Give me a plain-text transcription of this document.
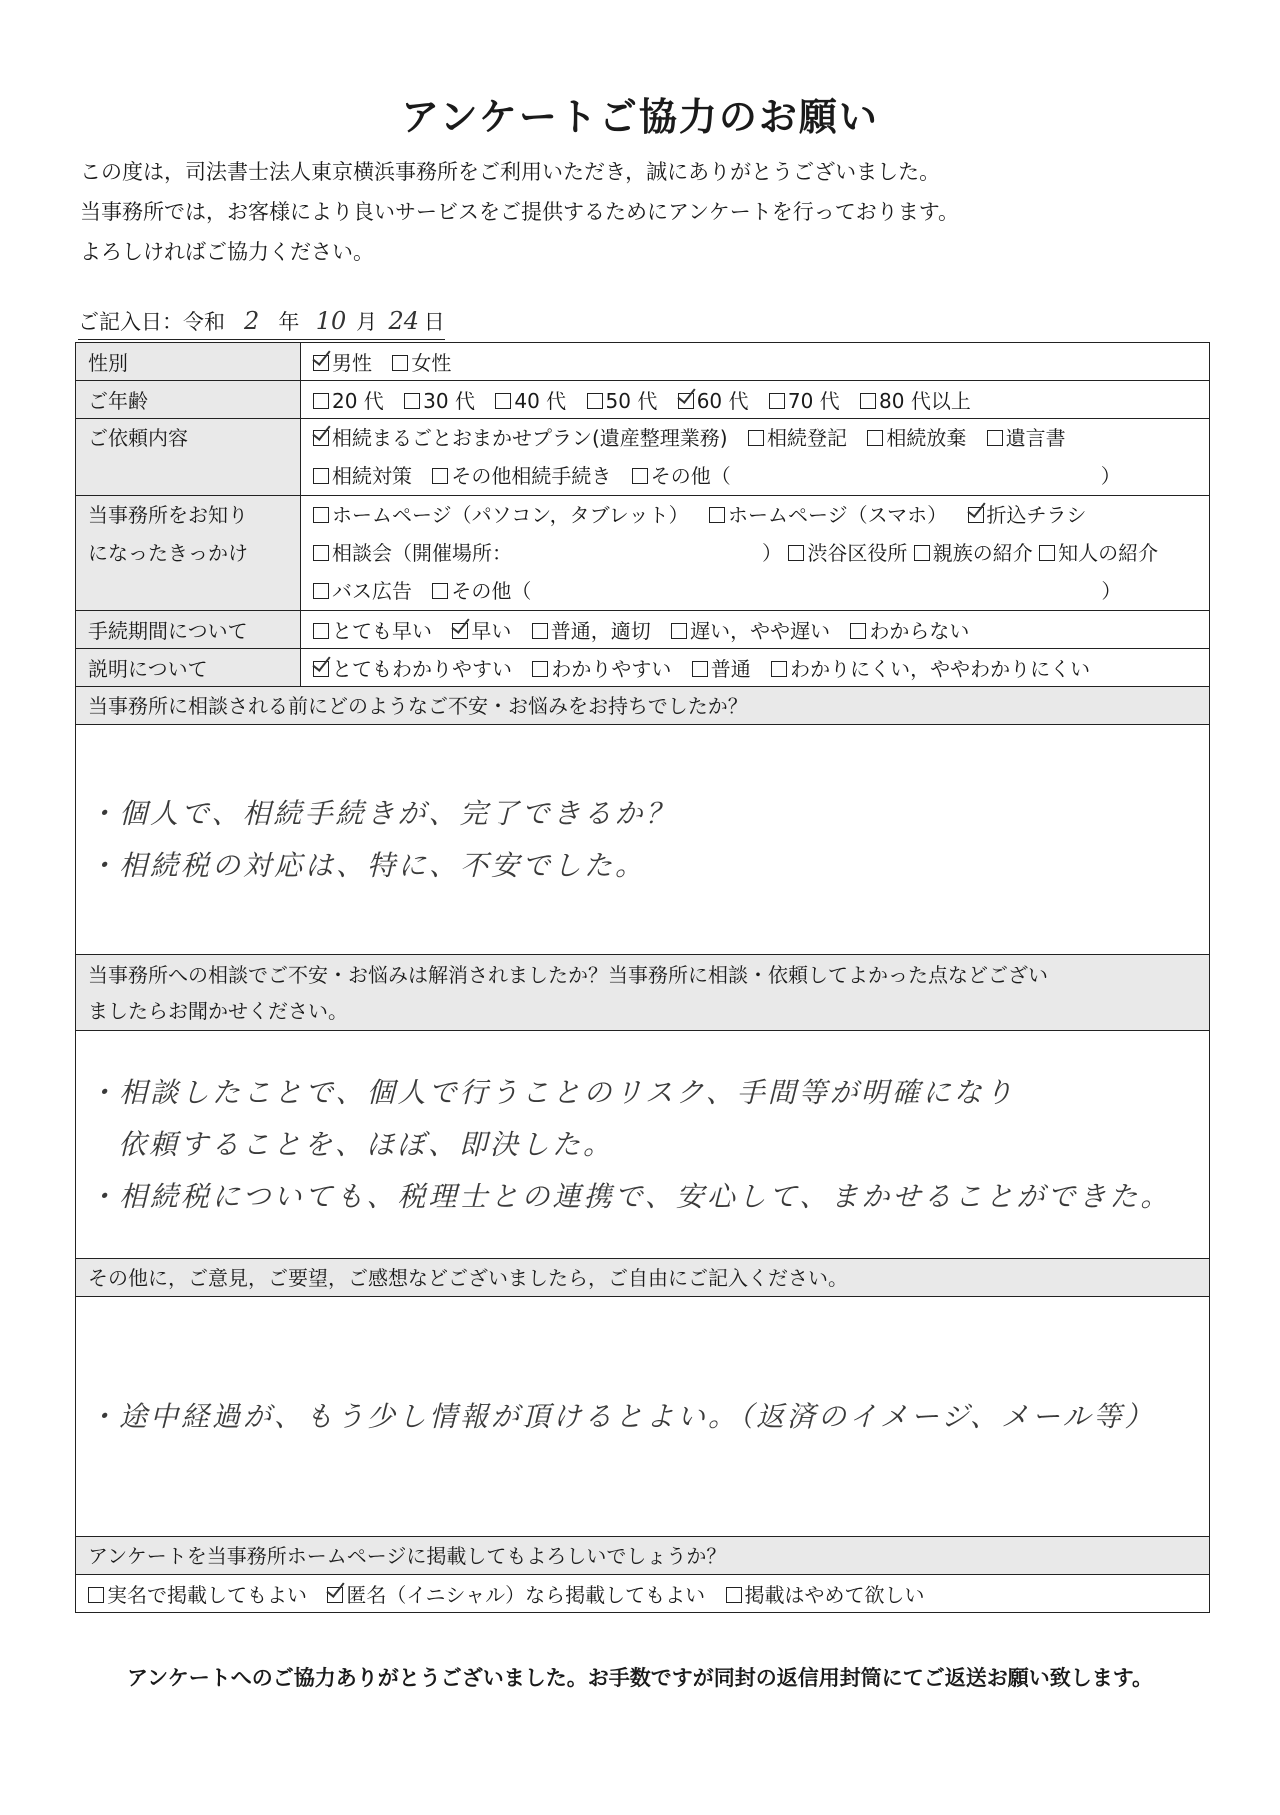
アンケートご協力のお願い
この度は，司法書士法人東京横浜事務所をご利用いただき，誠にありがとうございました。
当事務所では，お客様により良いサービスをご提供するためにアンケートを行っております。
よろしければご協力ください。
ご記入日：令和 2 年 10 月 24 日
性別	男性 女性
ご年齢	20 代 30 代 40 代 50 代 60 代 70 代 80 代以上

ご依頼内容	相続まるごとおまかせプラン(遺産整理業務) 相続登記 相続放棄 遺言書
相続対策 その他相続手続き その他（ ）

当事務所をお知り
になったきっかけ	ホームページ（パソコン，タブレット） ホームページ（スマホ） 折込チラシ
相談会（開催場所： ） 渋谷区役所 親族の紹介 知人の紹介
バス広告 その他（ ）

手続期間について	とても早い 早い 普通，適切 遅い，やや遅い わからない
説明について	とてもわかりやすい わかりやすい 普通 わかりにくい，ややわかりにくい
当事務所に相談される前にどのようなご不安・お悩みをお持ちでしたか？	

・個人で、相続手続きが、完了できるか？
・相続税の対応は、特に、不安でした。	

当事務所への相談でご不安・お悩みは解消されましたか？当事務所に相談・依頼してよかった点などござい
ましたらお聞かせください。	

・相談したことで、個人で行うことのリスク、手間等が明確になり
依頼することを、ほぼ、即決した。
・相続税についても、税理士との連携で、安心して、まかせることができた。	

その他に，ご意見，ご要望，ご感想などございましたら，ご自由にご記入ください。	

・途中経過が、もう少し情報が頂けるとよい。（返済のイメージ、メール等）	

アンケートを当事務所ホームページに掲載してもよろしいでしょうか？	
実名で掲載してもよい 匿名（イニシャル）なら掲載してもよい 掲載はやめて欲しい	
アンケートへのご協力ありがとうございました。お手数ですが同封の返信用封筒にてご返送お願い致します。
